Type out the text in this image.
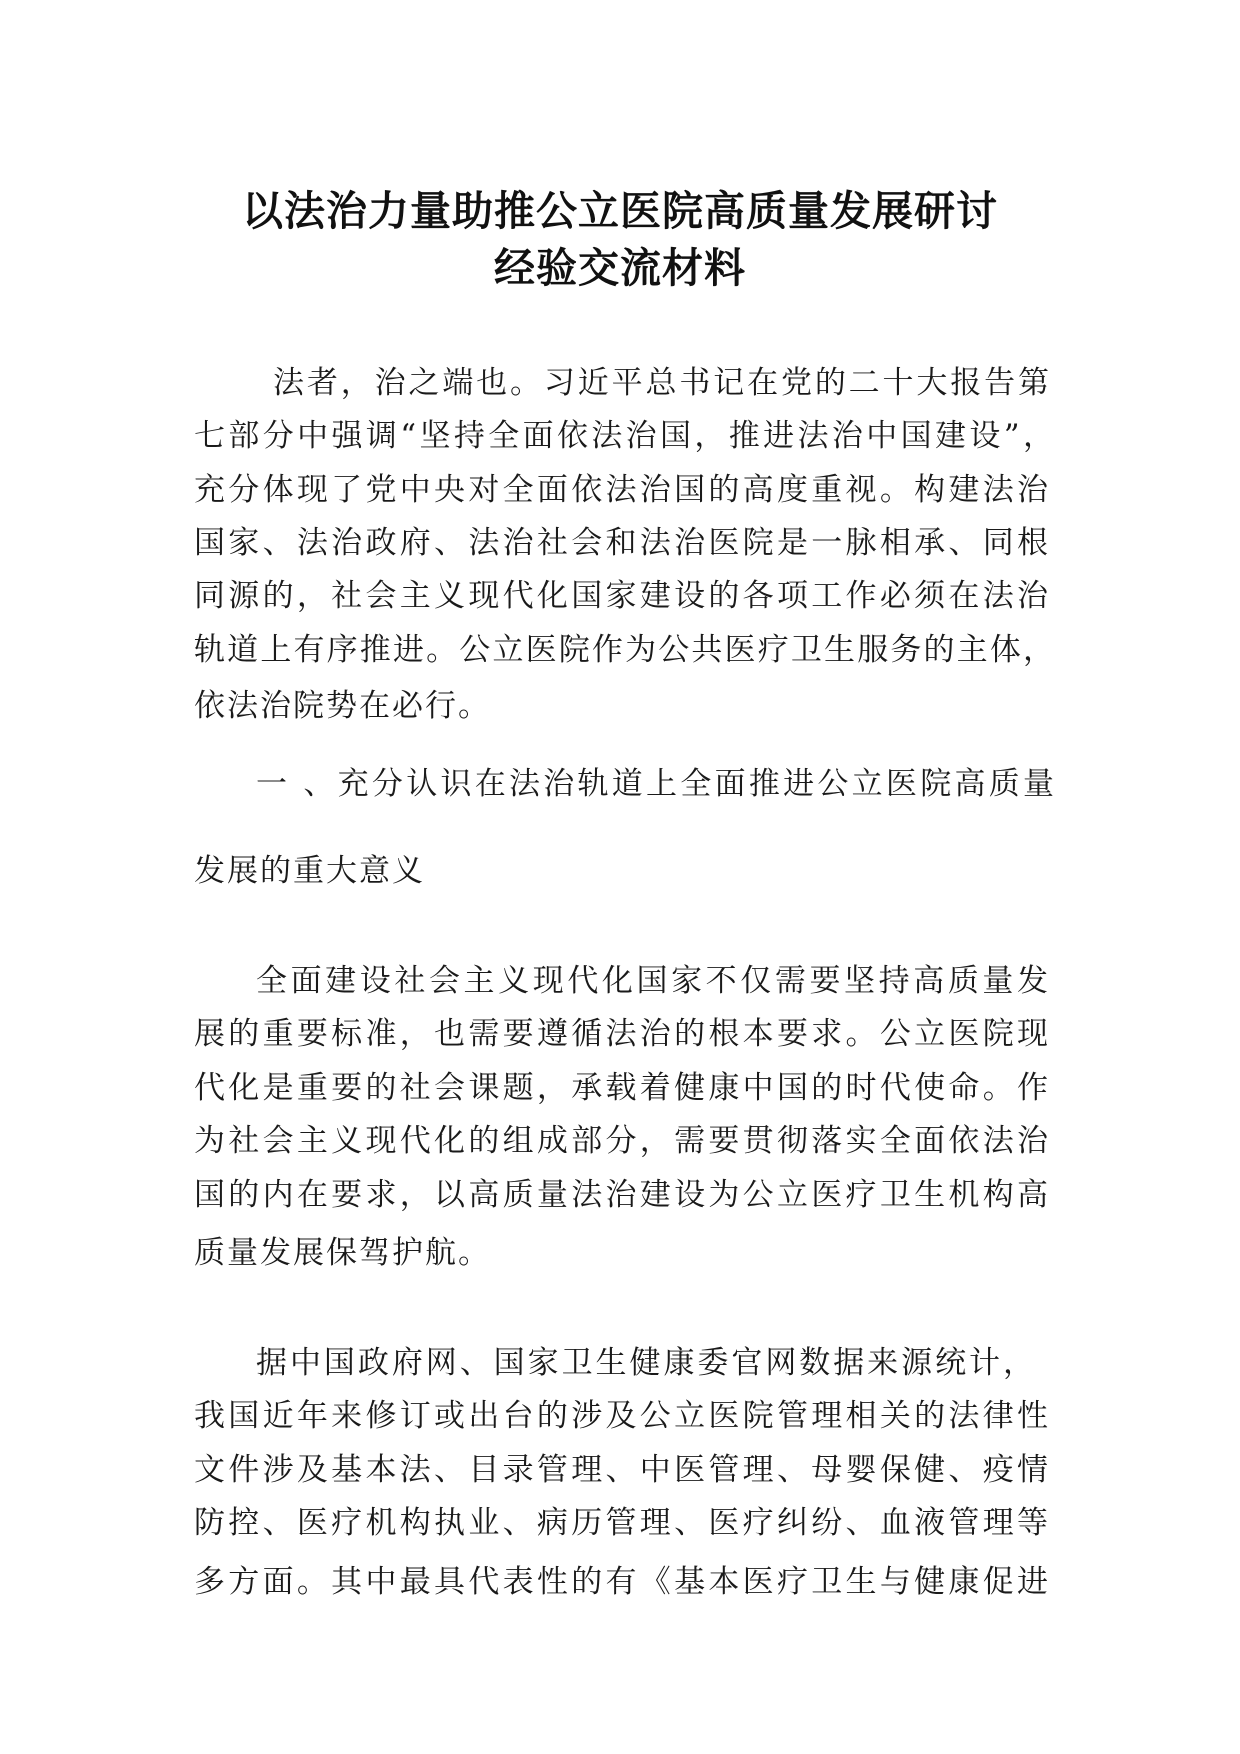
以法治力量助推公立医院高质量发展研讨
经验交流材料
法者，治之端也。习近平总书记在党的二十大报告第
七部分中强调“坚持全面依法治国，推进法治中国建设”，
充分体现了党中央对全面依法治国的高度重视。构建法治
国家、法治政府、法治社会和法治医院是一脉相承、同根
同源的，社会主义现代化国家建设的各项工作必须在法治
轨道上有序推进。公立医院作为公共医疗卫生服务的主体，
依法治院势在必行。
一 、充分认识在法治轨道上全面推进公立医院高质量
发展的重大意义
全面建设社会主义现代化国家不仅需要坚持高质量发
展的重要标准，也需要遵循法治的根本要求。公立医院现
代化是重要的社会课题，承载着健康中国的时代使命。作
为社会主义现代化的组成部分，需要贯彻落实全面依法治
国的内在要求，以高质量法治建设为公立医疗卫生机构高
质量发展保驾护航。
据中国政府网、国家卫生健康委官网数据来源统计，
我国近年来修订或出台的涉及公立医院管理相关的法律性
文件涉及基本法、目录管理、中医管理、母婴保健、疫情
防控、医疗机构执业、病历管理、医疗纠纷、血液管理等
多方面。其中最具代表性的有《基本医疗卫生与健康促进
